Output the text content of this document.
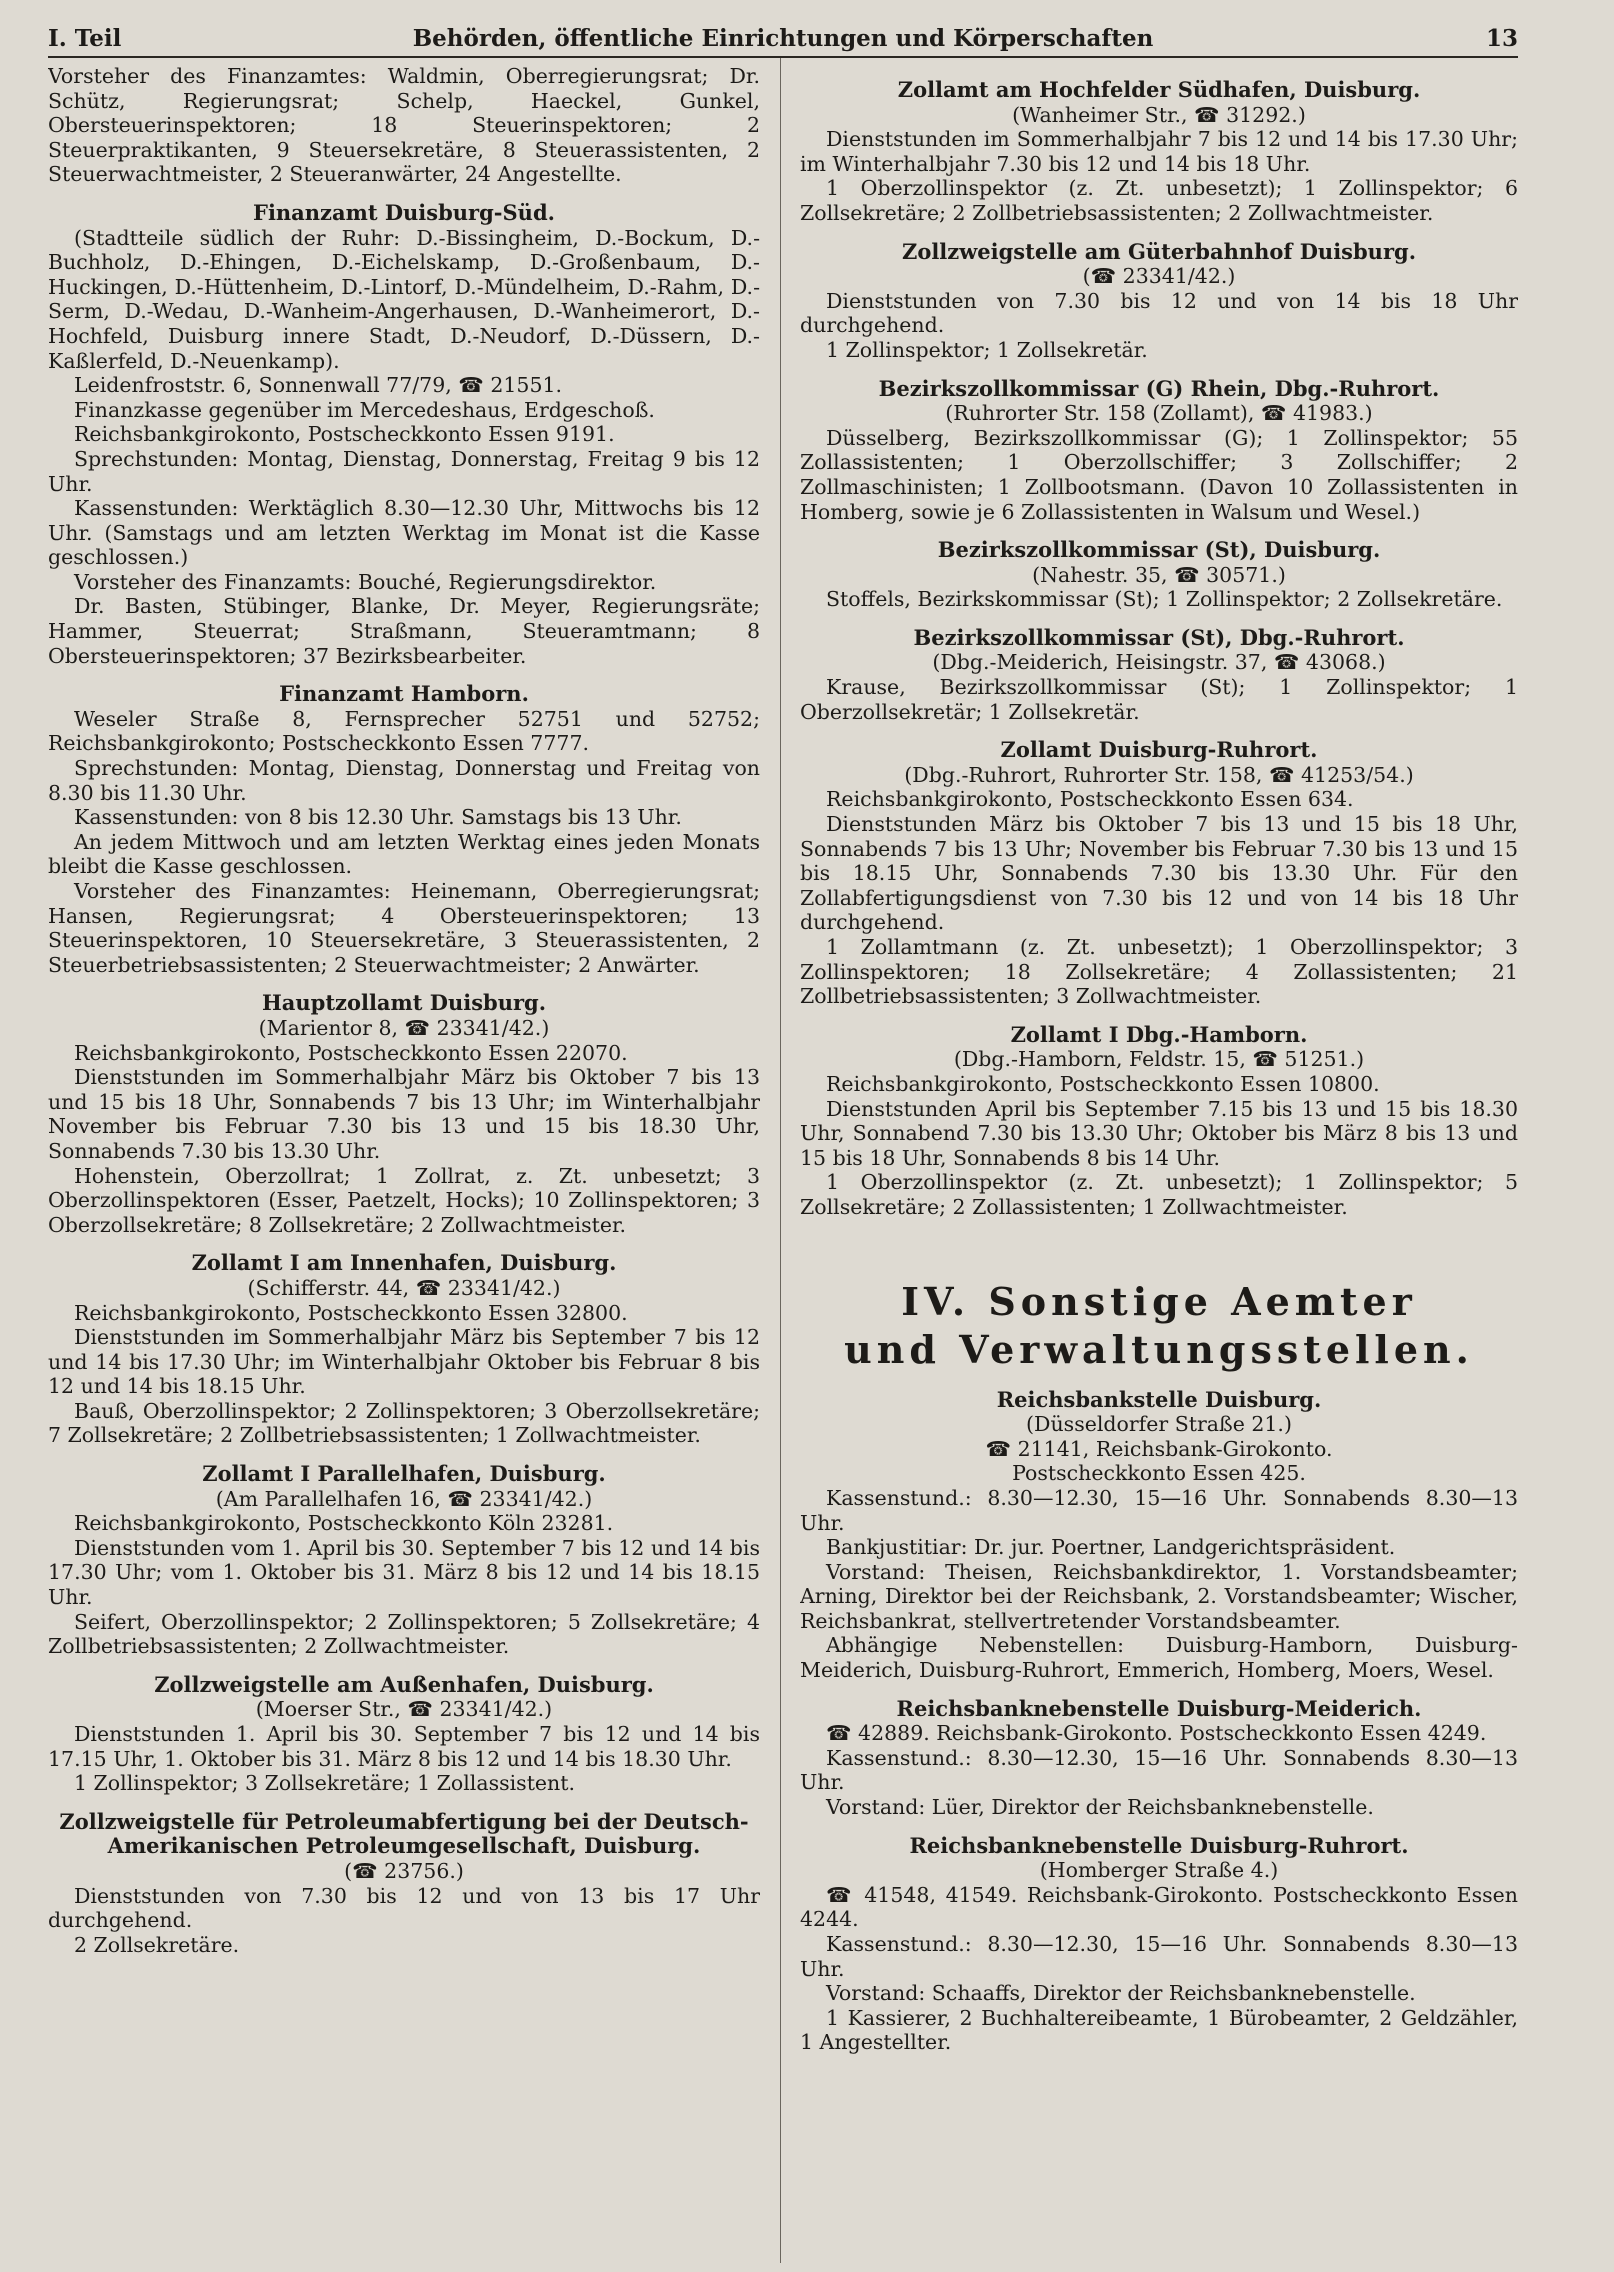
I. Teil	Behörden, öffentliche Einrichtungen und Körperschaften	13

Vorsteher des Finanzamtes: Waldmin, Oberregierungsrat; Dr. Schütz, Regierungsrat; Schelp, Haeckel, Gunkel, Obersteuerinspektoren; 18 Steuerinspektoren; 2 Steuerpraktikanten, 9 Steuersekretäre, 8 Steuerassistenten, 2 Steuerwachtmeister, 2 Steueranwärter, 24 Angestellte.

Finanzamt Duisburg-Süd.

(Stadtteile südlich der Ruhr: D.-Bissingheim, D.-Bockum, D.-Buchholz, D.-Ehingen, D.-Eichelskamp, D.-Großenbaum, D.-Huckingen, D.-Hüttenheim, D.-Lintorf, D.-Mündelheim, D.-Rahm, D.-Serm, D.-Wedau, D.-Wanheim-Angerhausen, D.-Wanheimerort, D.-Hochfeld, Duisburg innere Stadt, D.-Neudorf, D.-Düssern, D.-Kaßlerfeld, D.-Neuenkamp).

Leidenfroststr. 6, Sonnenwall 77/79, ☎ 21551.

Finanzkasse gegenüber im Mercedeshaus, Erdgeschoß.

Reichsbankgirokonto, Postscheckkonto Essen 9191.

Sprechstunden: Montag, Dienstag, Donnerstag, Freitag 9 bis 12 Uhr.

Kassenstunden: Werktäglich 8.30—12.30 Uhr, Mittwochs bis 12 Uhr. (Samstags und am letzten Werktag im Monat ist die Kasse geschlossen.)

Vorsteher des Finanzamts: Bouché, Regierungsdirektor.

Dr. Basten, Stübinger, Blanke, Dr. Meyer, Regierungsräte; Hammer, Steuerrat; Straßmann, Steueramtmann; 8 Obersteuerinspektoren; 37 Bezirksbearbeiter.

Finanzamt Hamborn.

Weseler Straße 8, Fernsprecher 52751 und 52752; Reichsbankgirokonto; Postscheckkonto Essen 7777.

Sprechstunden: Montag, Dienstag, Donnerstag und Freitag von 8.30 bis 11.30 Uhr.

Kassenstunden: von 8 bis 12.30 Uhr. Samstags bis 13 Uhr.

An jedem Mittwoch und am letzten Werktag eines jeden Monats bleibt die Kasse geschlossen.

Vorsteher des Finanzamtes: Heinemann, Oberregierungsrat; Hansen, Regierungsrat; 4 Obersteuerinspektoren; 13 Steuerinspektoren, 10 Steuersekretäre, 3 Steuerassistenten, 2 Steuerbetriebsassistenten; 2 Steuerwachtmeister; 2 Anwärter.

Hauptzollamt Duisburg.
(Marientor 8, ☎ 23341/42.)

Reichsbankgirokonto, Postscheckkonto Essen 22070.

Dienststunden im Sommerhalbjahr März bis Oktober 7 bis 13 und 15 bis 18 Uhr, Sonnabends 7 bis 13 Uhr; im Winterhalbjahr November bis Februar 7.30 bis 13 und 15 bis 18.30 Uhr, Sonnabends 7.30 bis 13.30 Uhr.

Hohenstein, Oberzollrat; 1 Zollrat, z. Zt. unbesetzt; 3 Oberzollinspektoren (Esser, Paetzelt, Hocks); 10 Zollinspektoren; 3 Oberzollsekretäre; 8 Zollsekretäre; 2 Zollwachtmeister.

Zollamt I am Innenhafen, Duisburg.
(Schifferstr. 44, ☎ 23341/42.)

Reichsbankgirokonto, Postscheckkonto Essen 32800.

Dienststunden im Sommerhalbjahr März bis September 7 bis 12 und 14 bis 17.30 Uhr; im Winterhalbjahr Oktober bis Februar 8 bis 12 und 14 bis 18.15 Uhr.

Bauß, Oberzollinspektor; 2 Zollinspektoren; 3 Oberzollsekretäre; 7 Zollsekretäre; 2 Zollbetriebsassistenten; 1 Zollwachtmeister.

Zollamt I Parallelhafen, Duisburg.
(Am Parallelhafen 16, ☎ 23341/42.)

Reichsbankgirokonto, Postscheckkonto Köln 23281.

Dienststunden vom 1. April bis 30. September 7 bis 12 und 14 bis 17.30 Uhr; vom 1. Oktober bis 31. März 8 bis 12 und 14 bis 18.15 Uhr.

Seifert, Oberzollinspektor; 2 Zollinspektoren; 5 Zollsekretäre; 4 Zollbetriebsassistenten; 2 Zollwachtmeister.

Zollzweigstelle am Außenhafen, Duisburg.
(Moerser Str., ☎ 23341/42.)

Dienststunden 1. April bis 30. September 7 bis 12 und 14 bis 17.15 Uhr, 1. Oktober bis 31. März 8 bis 12 und 14 bis 18.30 Uhr.

1 Zollinspektor; 3 Zollsekretäre; 1 Zollassistent.

Zollzweigstelle für Petroleumabfertigung bei der Deutsch-Amerikanischen Petroleumgesellschaft, Duisburg.
(☎ 23756.)

Dienststunden von 7.30 bis 12 und von 13 bis 17 Uhr durchgehend.

2 Zollsekretäre.

Zollamt am Hochfelder Südhafen, Duisburg.
(Wanheimer Str., ☎ 31292.)

Dienststunden im Sommerhalbjahr 7 bis 12 und 14 bis 17.30 Uhr; im Winterhalbjahr 7.30 bis 12 und 14 bis 18 Uhr.

1 Oberzollinspektor (z. Zt. unbesetzt); 1 Zollinspektor; 6 Zollsekretäre; 2 Zollbetriebsassistenten; 2 Zollwachtmeister.

Zollzweigstelle am Güterbahnhof Duisburg.
(☎ 23341/42.)

Dienststunden von 7.30 bis 12 und von 14 bis 18 Uhr durchgehend.

1 Zollinspektor; 1 Zollsekretär.

Bezirkszollkommissar (G) Rhein, Dbg.-Ruhrort.
(Ruhrorter Str. 158 (Zollamt), ☎ 41983.)

Düsselberg, Bezirkszollkommissar (G); 1 Zollinspektor; 55 Zollassistenten; 1 Oberzollschiffer; 3 Zollschiffer; 2 Zollmaschinisten; 1 Zollbootsmann. (Davon 10 Zollassistenten in Homberg, sowie je 6 Zollassistenten in Walsum und Wesel.)

Bezirkszollkommissar (St), Duisburg.
(Nahestr. 35, ☎ 30571.)

Stoffels, Bezirkskommissar (St); 1 Zollinspektor; 2 Zollsekretäre.

Bezirkszollkommissar (St), Dbg.-Ruhrort.
(Dbg.-Meiderich, Heisingstr. 37, ☎ 43068.)

Krause, Bezirkszollkommissar (St); 1 Zollinspektor; 1 Oberzollsekretär; 1 Zollsekretär.

Zollamt Duisburg-Ruhrort.
(Dbg.-Ruhrort, Ruhrorter Str. 158, ☎ 41253/54.)

Reichsbankgirokonto, Postscheckkonto Essen 634.

Dienststunden März bis Oktober 7 bis 13 und 15 bis 18 Uhr, Sonnabends 7 bis 13 Uhr; November bis Februar 7.30 bis 13 und 15 bis 18.15 Uhr, Sonnabends 7.30 bis 13.30 Uhr. Für den Zollabfertigungsdienst von 7.30 bis 12 und von 14 bis 18 Uhr durchgehend.

1 Zollamtmann (z. Zt. unbesetzt); 1 Oberzollinspektor; 3 Zollinspektoren; 18 Zollsekretäre; 4 Zollassistenten; 21 Zollbetriebsassistenten; 3 Zollwachtmeister.

Zollamt I Dbg.-Hamborn.
(Dbg.-Hamborn, Feldstr. 15, ☎ 51251.)

Reichsbankgirokonto, Postscheckkonto Essen 10800.

Dienststunden April bis September 7.15 bis 13 und 15 bis 18.30 Uhr, Sonnabend 7.30 bis 13.30 Uhr; Oktober bis März 8 bis 13 und 15 bis 18 Uhr, Sonnabends 8 bis 14 Uhr.

1 Oberzollinspektor (z. Zt. unbesetzt); 1 Zollinspektor; 5 Zollsekretäre; 2 Zollassistenten; 1 Zollwachtmeister.

IV. Sonstige Aemter
und Verwaltungsstellen.
Reichsbankstelle Duisburg.
(Düsseldorfer Straße 21.)
☎ 21141, Reichsbank-Girokonto.
Postscheckkonto Essen 425.

Kassenstund.: 8.30—12.30, 15—16 Uhr. Sonnabends 8.30—13 Uhr.

Bankjustitiar: Dr. jur. Poertner, Landgerichtspräsident.

Vorstand: Theisen, Reichsbankdirektor, 1. Vorstandsbeamter; Arning, Direktor bei der Reichsbank, 2. Vorstandsbeamter; Wischer, Reichsbankrat, stellvertretender Vorstandsbeamter.

Abhängige Nebenstellen: Duisburg-Hamborn, Duisburg-Meiderich, Duisburg-Ruhrort, Emmerich, Homberg, Moers, Wesel.

Reichsbanknebenstelle Duisburg-Meiderich.

☎ 42889. Reichsbank-Girokonto. Postscheckkonto Essen 4249.

Kassenstund.: 8.30—12.30, 15—16 Uhr. Sonnabends 8.30—13 Uhr.

Vorstand: Lüer, Direktor der Reichsbanknebenstelle.

Reichsbanknebenstelle Duisburg-Ruhrort.
(Homberger Straße 4.)

☎ 41548, 41549. Reichsbank-Girokonto. Postscheckkonto Essen 4244.

Kassenstund.: 8.30—12.30, 15—16 Uhr. Sonnabends 8.30—13 Uhr.

Vorstand: Schaaffs, Direktor der Reichsbanknebenstelle.

1 Kassierer, 2 Buchhaltereibeamte, 1 Bürobeamter, 2 Geldzähler, 1 Angestellter.
